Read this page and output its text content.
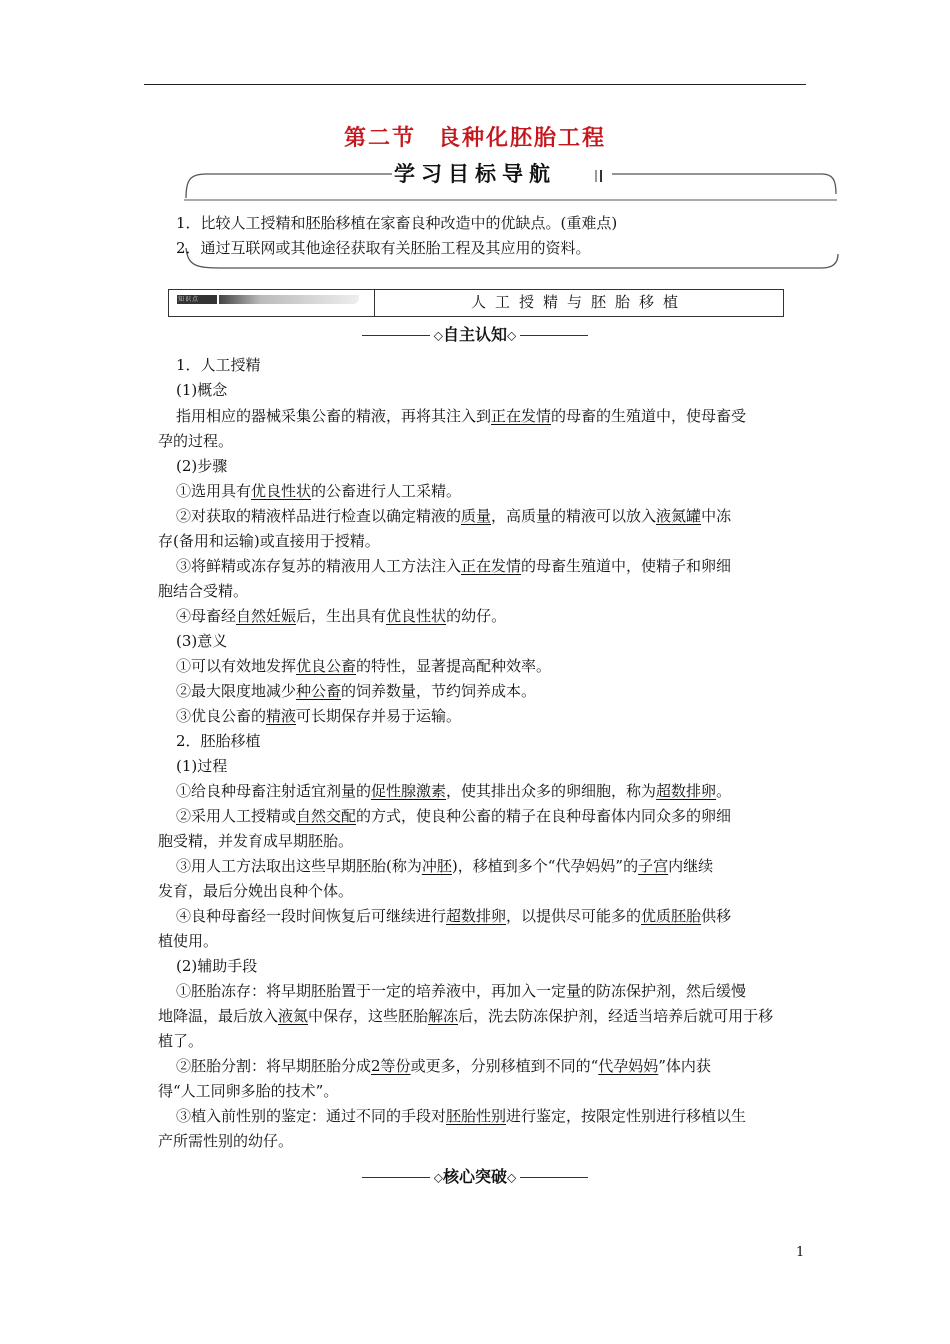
第二节 良种化胚胎工程
学习目标导航
1．比较人工授精和胚胎移植在家畜良种改造中的优缺点。(重难点)
2．通过互联网或其他途径获取有关胚胎工程及其应用的资料。
知识点	人工授精与胚胎移植
◇自主认知◇
1．人工授精
(1)概念
指用相应的器械采集公畜的精液，再将其注入到正在发情的母畜的生殖道中，使母畜受
孕的过程。
(2)步骤
①选用具有优良性状的公畜进行人工采精。
②对获取的精液样品进行检查以确定精液的质量，高质量的精液可以放入液氮罐中冻
存(备用和运输)或直接用于授精。
③将鲜精或冻存复苏的精液用人工方法注入正在发情的母畜生殖道中，使精子和卵细
胞结合受精。
④母畜经自然妊娠后，生出具有优良性状的幼仔。
(3)意义
①可以有效地发挥优良公畜的特性，显著提高配种效率。
②最大限度地减少种公畜的饲养数量，节约饲养成本。
③优良公畜的精液可长期保存并易于运输。
2．胚胎移植
(1)过程
①给良种母畜注射适宜剂量的促性腺激素，使其排出众多的卵细胞，称为超数排卵。
②采用人工授精或自然交配的方式，使良种公畜的精子在良种母畜体内同众多的卵细
胞受精，并发育成早期胚胎。
③用人工方法取出这些早期胚胎(称为冲胚)，移植到多个“代孕妈妈”的子宫内继续
发育，最后分娩出良种个体。
④良种母畜经一段时间恢复后可继续进行超数排卵，以提供尽可能多的优质胚胎供移
植使用。
(2)辅助手段
①胚胎冻存：将早期胚胎置于一定的培养液中，再加入一定量的防冻保护剂，然后缓慢
地降温，最后放入液氮中保存，这些胚胎解冻后，洗去防冻保护剂，经适当培养后就可用于移
植了。
②胚胎分割：将早期胚胎分成2等份或更多，分别移植到不同的“代孕妈妈”体内获
得“人工同卵多胎的技术”。
③植入前性别的鉴定：通过不同的手段对胚胎性别进行鉴定，按限定性别进行移植以生
产所需性别的幼仔。
◇核心突破◇
1
